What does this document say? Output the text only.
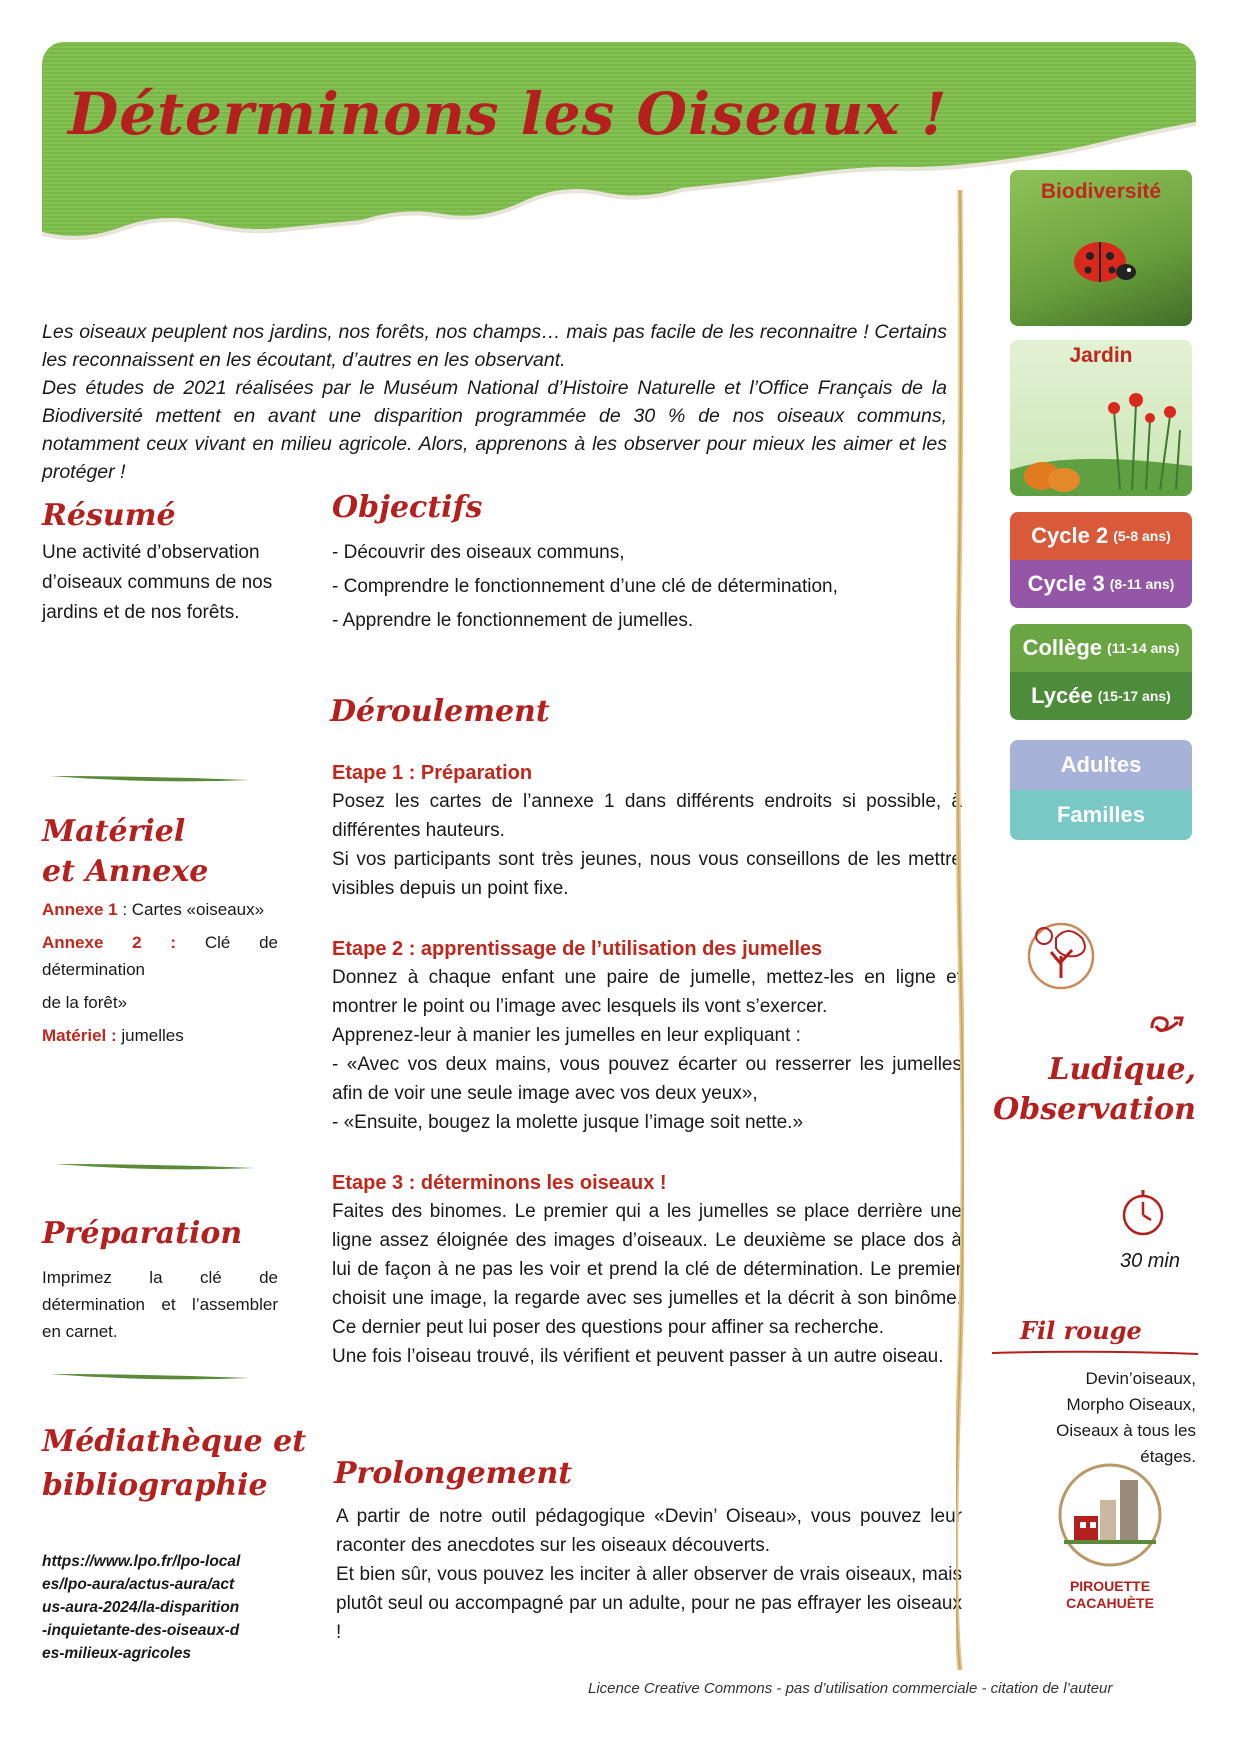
Déterminons les Oiseaux !

Les oiseaux peuplent nos jardins, nos forêts, nos champs… mais pas facile de les reconnaitre ! Certains les reconnaissent en les écoutant, d’autres en les observant.

Des études de 2021 réalisées par le Muséum National d’Histoire Naturelle et l’Office Français de la Biodiversité mettent en avant une disparition programmée de 30 % de nos oiseaux communs, notamment ceux vivant en milieu agricole. Alors, apprenons à les observer pour mieux les aimer et les protéger !

Résumé
Une activité d’observation d’oiseaux communs de nos jardins et de nos forêts.
Matériel
et Annexe
Annexe 1 : Cartes «oiseaux»
Annexe 2 : Clé de détermination
de la forêt»
Matériel : jumelles
Préparation
Imprimez la clé de détermination et l’assembler en carnet.
Médiathèque et
bibliographie
https://www.lpo.fr/lpo-locales/lpo-aura/actus-aura/actus-aura-2024/la-disparition-inquietante-des-oiseaux-des-milieux-agricoles
Objectifs
- Découvrir des oiseaux communs,
- Comprendre le fonctionnement d’une clé de détermination,
- Apprendre le fonctionnement de jumelles.
Déroulement
Etape 1 : Préparation

Posez les cartes de l’annexe 1 dans différents endroits si possible, à différentes hauteurs.

Si vos participants sont très jeunes, nous vous conseillons de les mettre visibles depuis un point fixe.

Etape 2 : apprentissage de l’utilisation des jumelles

Donnez à chaque enfant une paire de jumelle, mettez-les en ligne et montrer le point ou l’image avec lesquels ils vont s’exercer.

Apprenez-leur à manier les jumelles en leur expliquant :

- «Avec vos deux mains, vous pouvez écarter ou resserrer les jumelles afin de voir une seule image avec vos deux yeux»,

- «Ensuite, bougez la molette jusque l’image soit nette.»

Etape 3 : déterminons les oiseaux !

Faites des binomes. Le premier qui a les jumelles se place derrière une ligne assez éloignée des images d’oiseaux. Le deuxième se place dos à lui de façon à ne pas les voir et prend la clé de détermination. Le premier choisit une image, la regarde avec ses jumelles et la décrit à son binôme. Ce dernier peut lui poser des questions pour affiner sa recherche.

Une fois l’oiseau trouvé, ils vérifient et peuvent passer à un autre oiseau.

Prolongement

A partir de notre outil pédagogique «Devin’ Oiseau», vous pouvez leur raconter des anecdotes sur les oiseaux découverts.

Et bien sûr, vous pouvez les inciter à aller observer de vrais oiseaux, mais plutôt seul ou accompagné par un adulte, pour ne pas effrayer les oiseaux !

Biodiversité
Jardin
Cycle 2 (5-8 ans)
Cycle 3 (8-11 ans)
Collège (11-14 ans)
Lycée (15-17 ans)
Adultes
Familles
Ludique,
Observation
30 min
Fil rouge
Devin’oiseaux,
Morpho Oiseaux,
Oiseaux à tous les
étages.
PIROUETTE
CACAHUÈTE
Licence Creative Commons - pas d’utilisation commerciale - citation de l’auteur
